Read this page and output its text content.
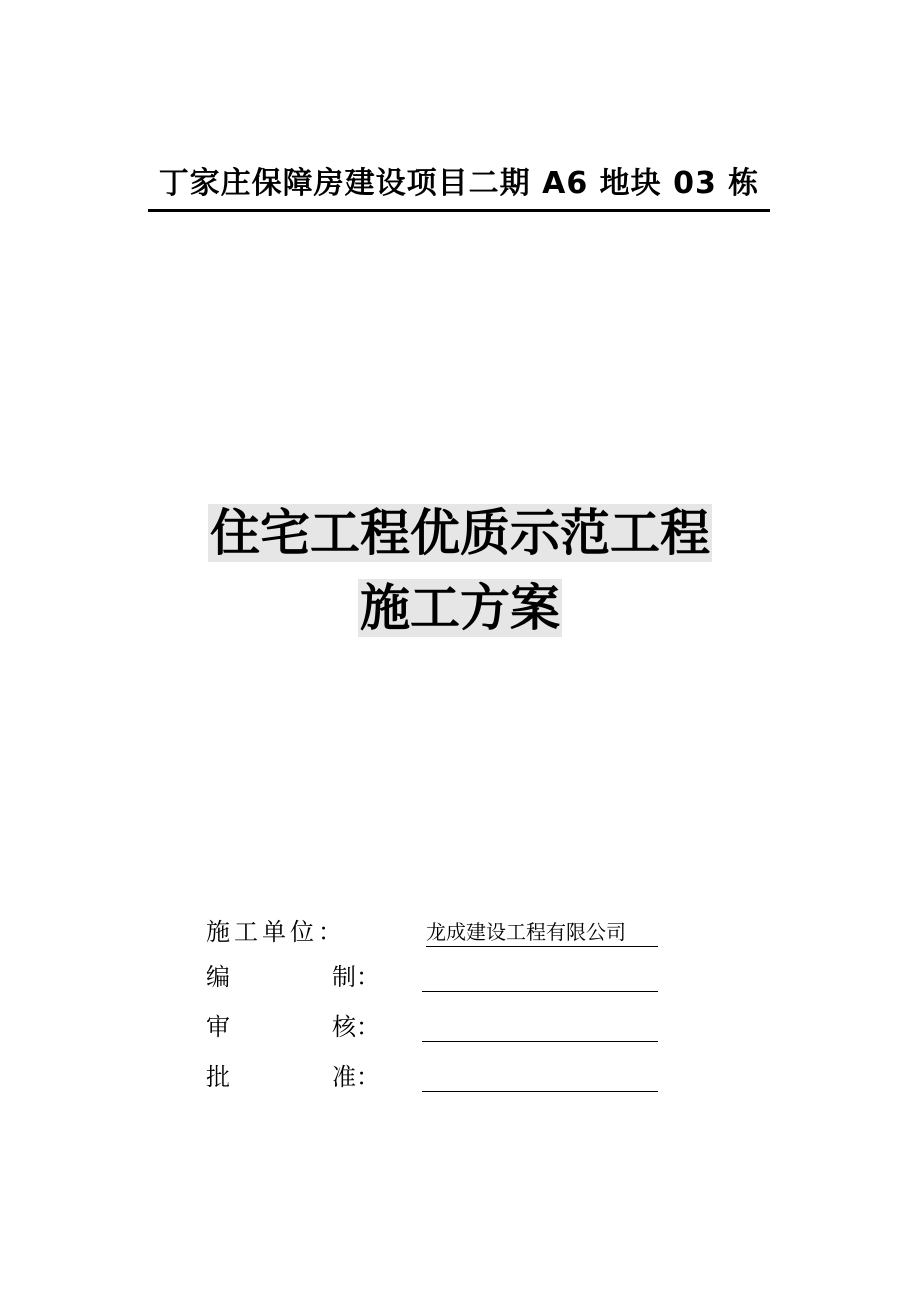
丁家庄保障房建设项目二期 A6 地块 03 栋
住宅工程优质示范工程
施工方案
施工单位：	龙成建设工程有限公司
编	制：
审	核：
批	准：
